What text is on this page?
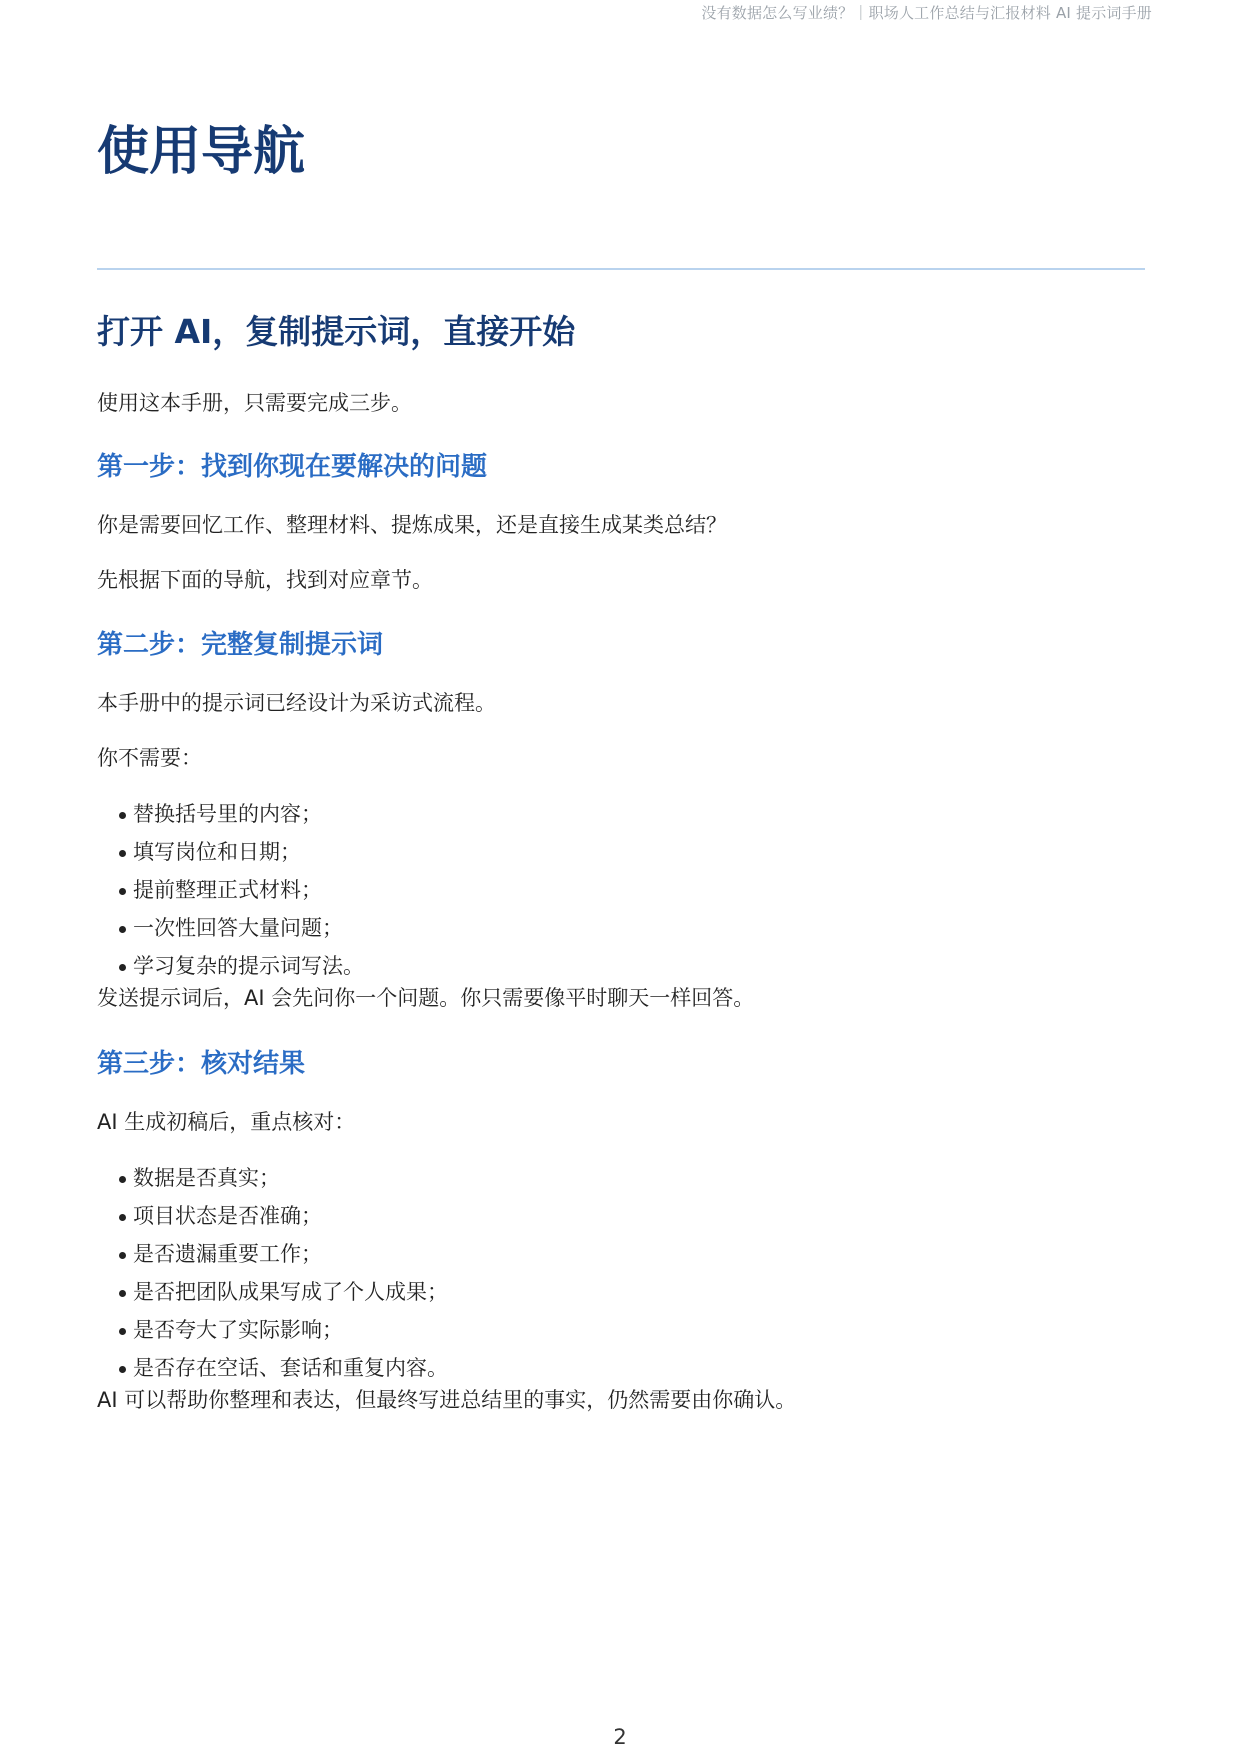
没有数据怎么写业绩？｜职场人工作总结与汇报材料 AI 提示词手册
使用导航
打开 AI，复制提示词，直接开始

使用这本手册，只需要完成三步。

第一步：找到你现在要解决的问题

你是需要回忆工作、整理材料、提炼成果，还是直接生成某类总结？

先根据下面的导航，找到对应章节。

第二步：完整复制提示词

本手册中的提示词已经设计为采访式流程。

你不需要：

替换括号里的内容；
填写岗位和日期；
提前整理正式材料；
一次性回答大量问题；
学习复杂的提示词写法。

发送提示词后，AI 会先问你一个问题。你只需要像平时聊天一样回答。

第三步：核对结果

AI 生成初稿后，重点核对：

数据是否真实；
项目状态是否准确；
是否遗漏重要工作；
是否把团队成果写成了个人成果；
是否夸大了实际影响；
是否存在空话、套话和重复内容。

AI 可以帮助你整理和表达，但最终写进总结里的事实，仍然需要由你确认。

2
